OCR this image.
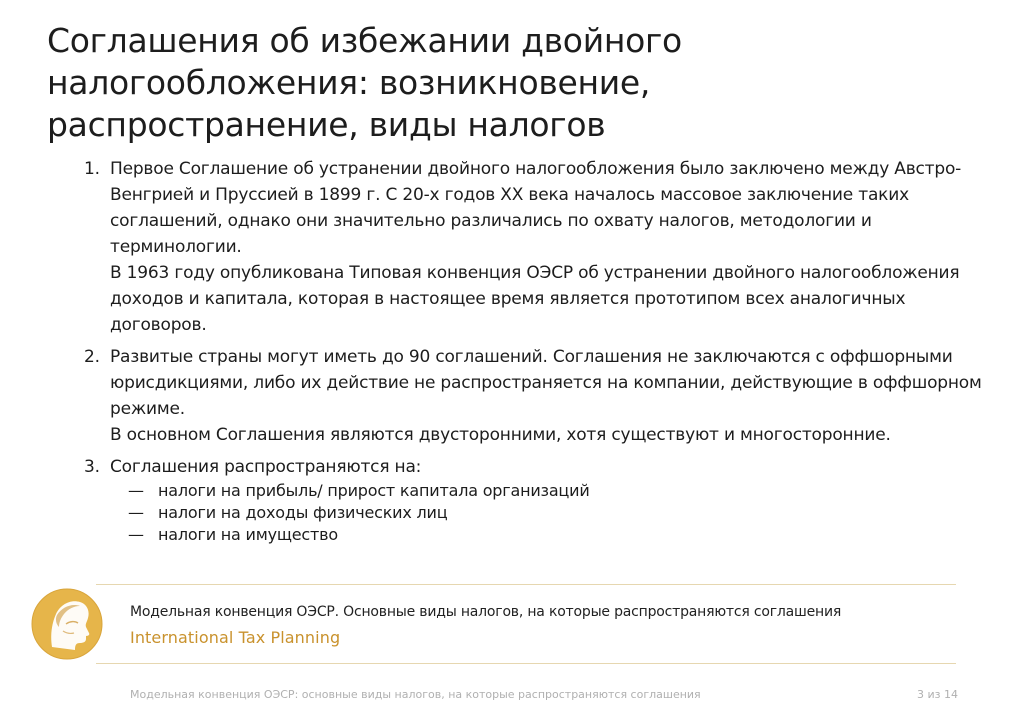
Соглашения об избежании двойного
налогообложения: возникновение,
распространение, виды налогов
1. Первое Соглашение об устранении двойного налогообложения было заключено между Австро-Венгрией и Пруссией в 1899 г. С 20-х годов XX века началось массовое заключение таких соглашений, однако они значительно различались по охвату налогов, методологии и терминологии.

В 1963 году опубликована Типовая конвенция ОЭСР об устранении двойного налогообложения доходов и капитала, которая в настоящее время является прототипом всех аналогичных договоров.

2. Развитые страны могут иметь до 90 соглашений. Соглашения не заключаются с оффшорными юрисдикциями, либо их действие не распространяется на компании, действующие в оффшорном режиме.

В основном Соглашения являются двусторонними, хотя существуют и многосторонние.

3. Соглашения распространяются на:

— налоги на прибыль/ прирост капитала организаций
— налоги на доходы физических лиц
— налоги на имущество
Модельная конвенция ОЭСР. Основные виды налогов, на которые распространяются соглашения
International Tax Planning
Модельная конвенция ОЭСР: основные виды налогов, на которые распространяются соглашения	3 из 14
